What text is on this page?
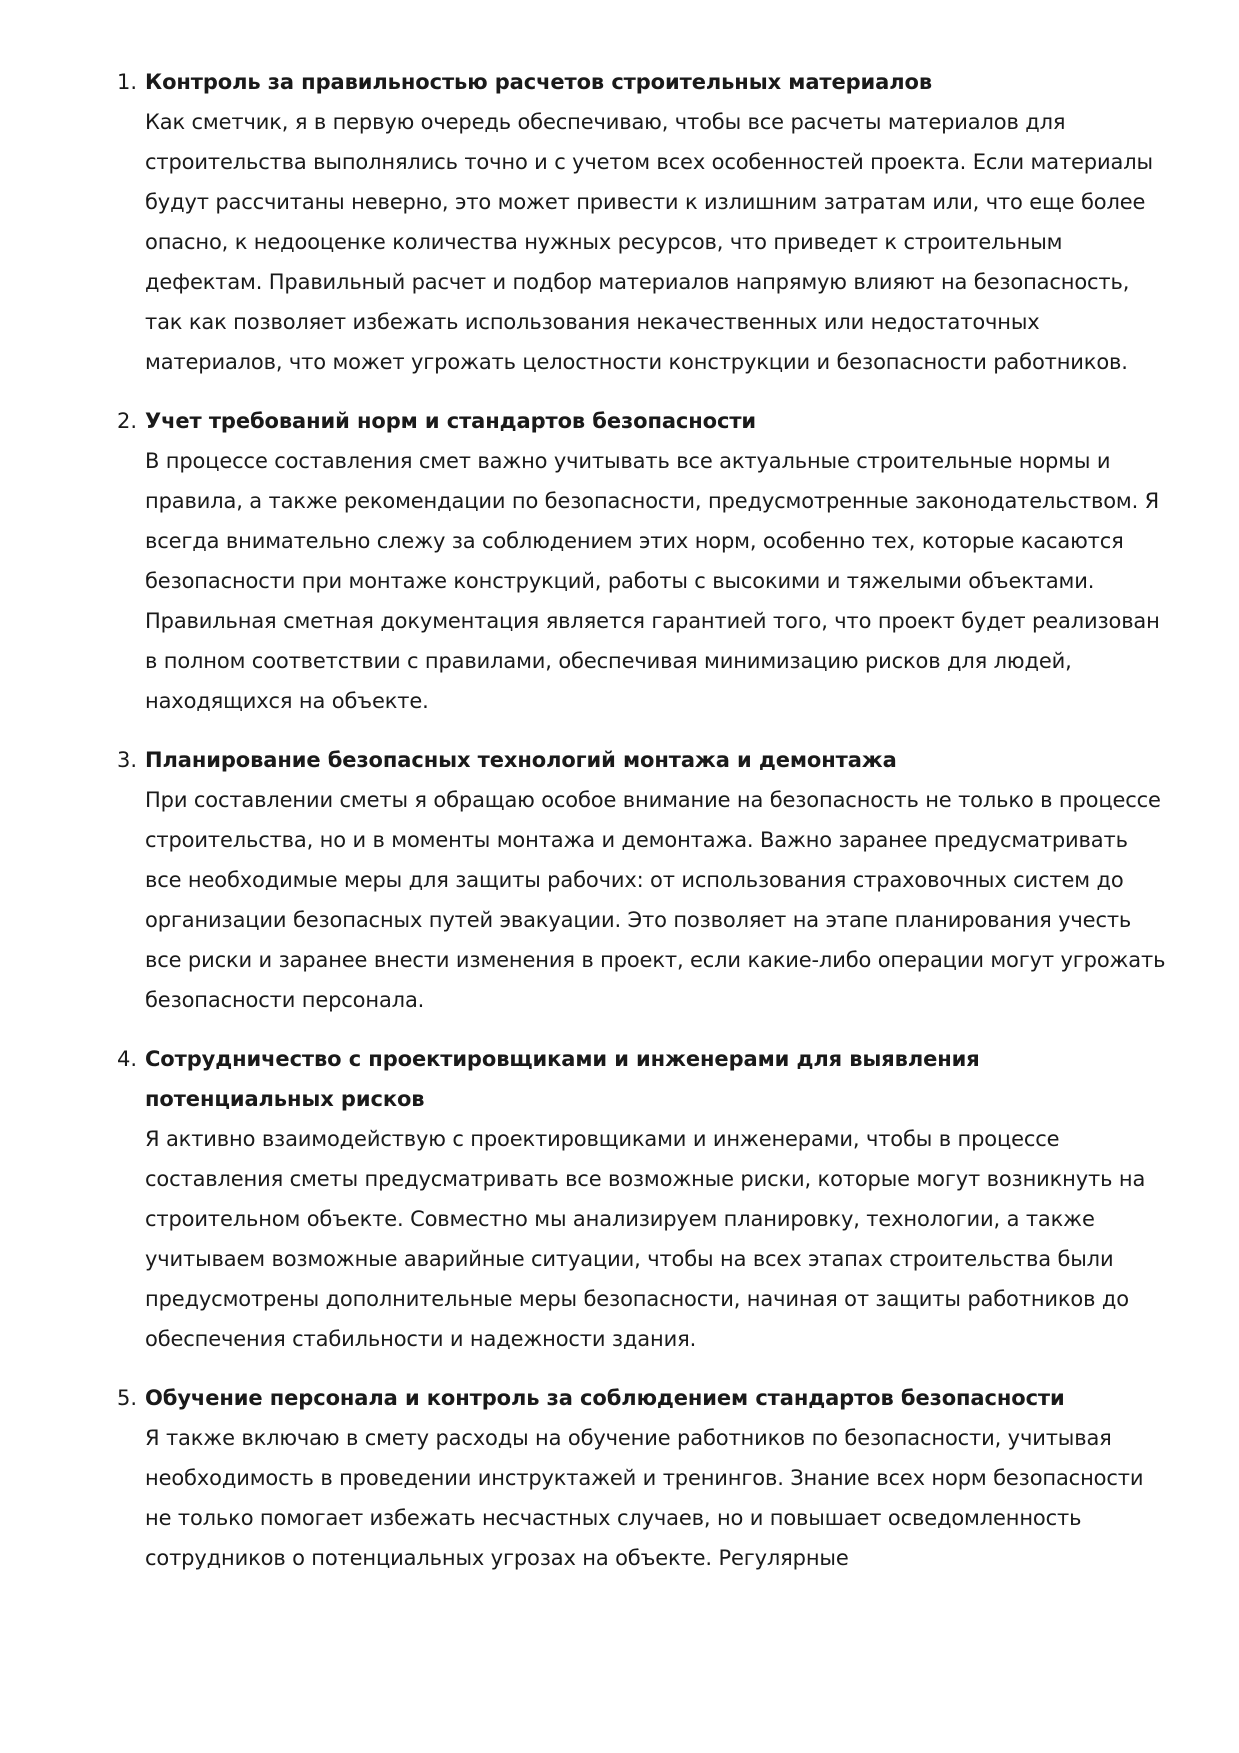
1. Контроль за правильностью расчетов строительных материалов
Как сметчик, я в первую очередь обеспечиваю, чтобы все расчеты материалов для строительства выполнялись точно и с учетом всех особенностей проекта. Если материалы будут рассчитаны неверно, это может привести к излишним затратам или, что еще более опасно, к недооценке количества нужных ресурсов, что приведет к строительным дефектам. Правильный расчет и подбор материалов напрямую влияют на безопасность, так как позволяет избежать использования некачественных или недостаточных материалов, что может угрожать целостности конструкции и безопасности работников.
2. Учет требований норм и стандартов безопасности
В процессе составления смет важно учитывать все актуальные строительные нормы и правила, а также рекомендации по безопасности, предусмотренные законодательством. Я всегда внимательно слежу за соблюдением этих норм, особенно тех, которые касаются безопасности при монтаже конструкций, работы с высокими и тяжелыми объектами. Правильная сметная документация является гарантией того, что проект будет реализован в полном соответствии с правилами, обеспечивая минимизацию рисков для людей, находящихся на объекте.
3. Планирование безопасных технологий монтажа и демонтажа
При составлении сметы я обращаю особое внимание на безопасность не только в процессе строительства, но и в моменты монтажа и демонтажа. Важно заранее предусматривать все необходимые меры для защиты рабочих: от использования страховочных систем до организации безопасных путей эвакуации. Это позволяет на этапе планирования учесть все риски и заранее внести изменения в проект, если какие-либо операции могут угрожать безопасности персонала.
4. Сотрудничество с проектировщиками и инженерами для выявления потенциальных рисков
Я активно взаимодействую с проектировщиками и инженерами, чтобы в процессе составления сметы предусматривать все возможные риски, которые могут возникнуть на строительном объекте. Совместно мы анализируем планировку, технологии, а также учитываем возможные аварийные ситуации, чтобы на всех этапах строительства были предусмотрены дополнительные меры безопасности, начиная от защиты работников до обеспечения стабильности и надежности здания.
5. Обучение персонала и контроль за соблюдением стандартов безопасности
Я также включаю в смету расходы на обучение работников по безопасности, учитывая необходимость в проведении инструктажей и тренингов. Знание всех норм безопасности не только помогает избежать несчастных случаев, но и повышает осведомленность сотрудников о потенциальных угрозах на объекте. Регулярные
